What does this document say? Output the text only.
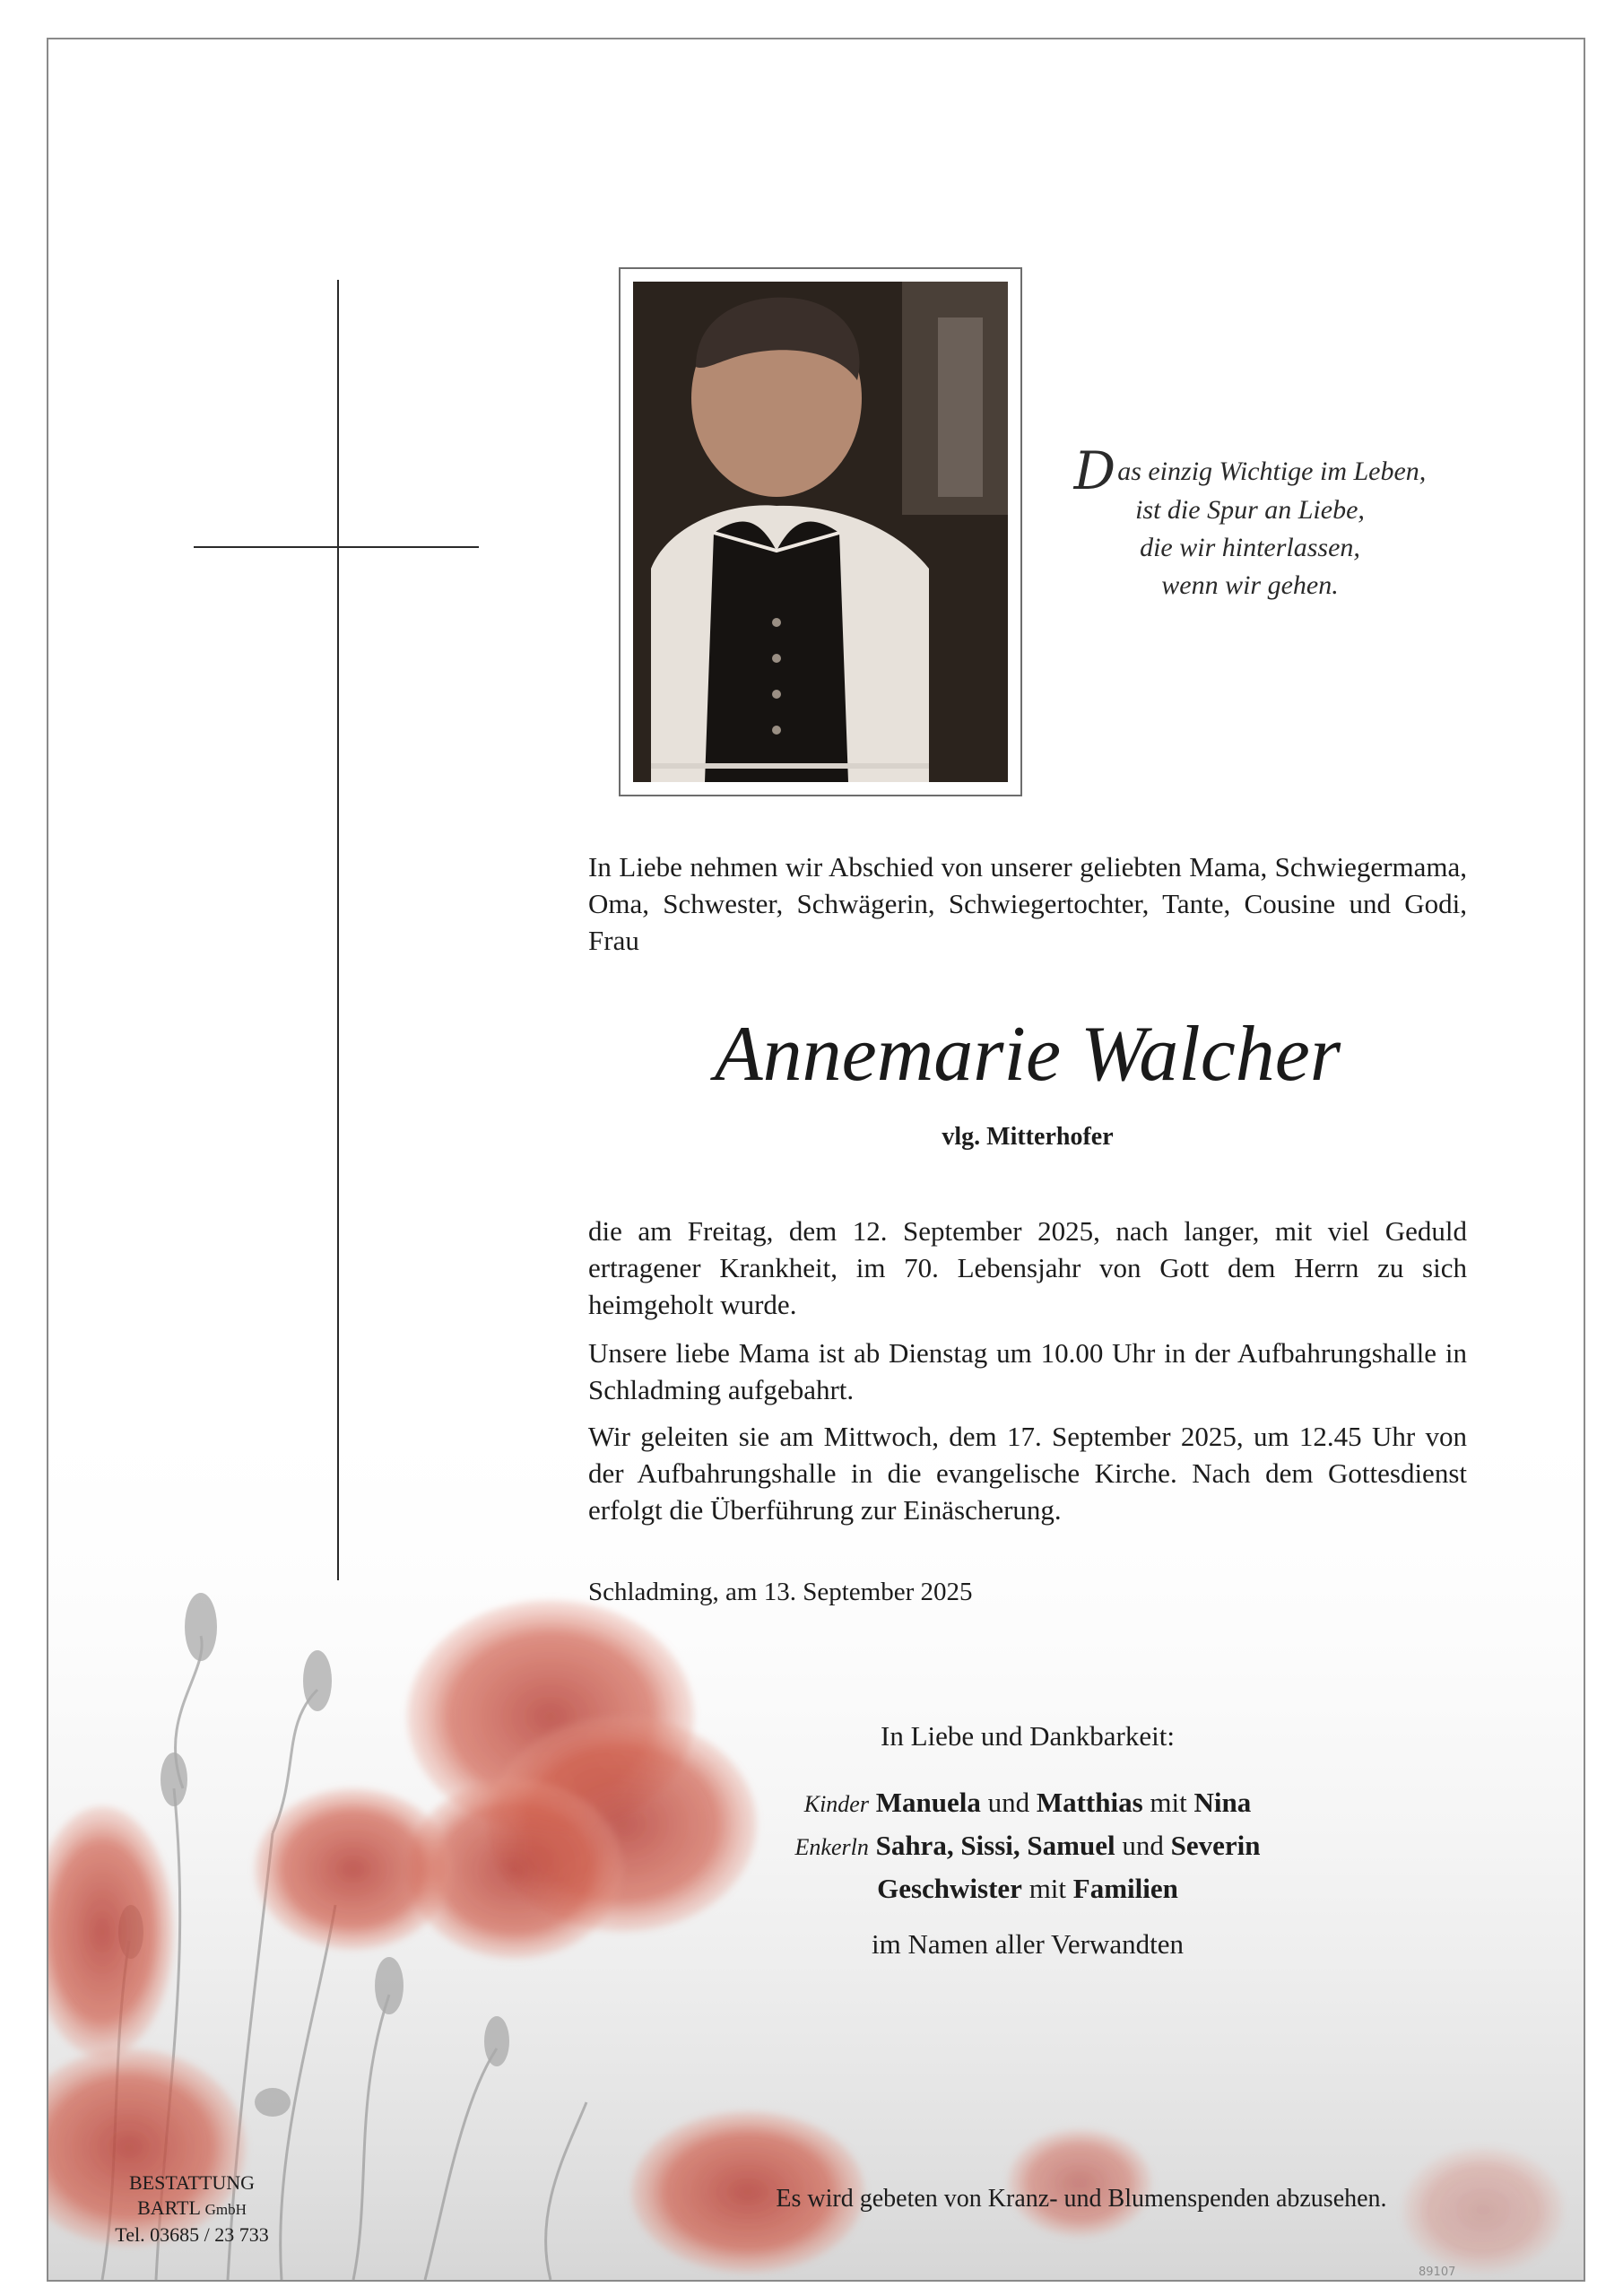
Das einzig Wichtige im Leben,
ist die Spur an Liebe,
die wir hinterlassen,
wenn wir gehen.
In Liebe nehmen wir Abschied von unserer geliebten Mama, Schwiegermama, Oma, Schwester, Schwägerin, Schwiegertochter, Tante, Cousine und Godi, Frau
Annemarie Walcher
vlg. Mitterhofer
die am Freitag, dem 12. September 2025, nach langer, mit viel Geduld ertragener Krankheit, im 70. Lebensjahr von Gott dem Herrn zu sich heimgeholt wurde.
Unsere liebe Mama ist ab Dienstag um 10.00 Uhr in der Aufbahrungshalle in Schladming aufgebahrt.
Wir geleiten sie am Mittwoch, dem 17. September 2025, um 12.45 Uhr von der Aufbahrungshalle in die evangelische Kirche. Nach dem Gottesdienst erfolgt die Überführung zur Einäscherung.
Schladming, am 13. September 2025
In Liebe und Dankbarkeit:
Kinder Manuela und Matthias mit Nina
Enkerln Sahra, Sissi, Samuel und Severin
Geschwister mit Familien
im Namen aller Verwandten
BESTATTUNG
BARTL GmbH
Tel. 03685 / 23 733
Es wird gebeten von Kranz- und Blumenspenden abzusehen.
89107
